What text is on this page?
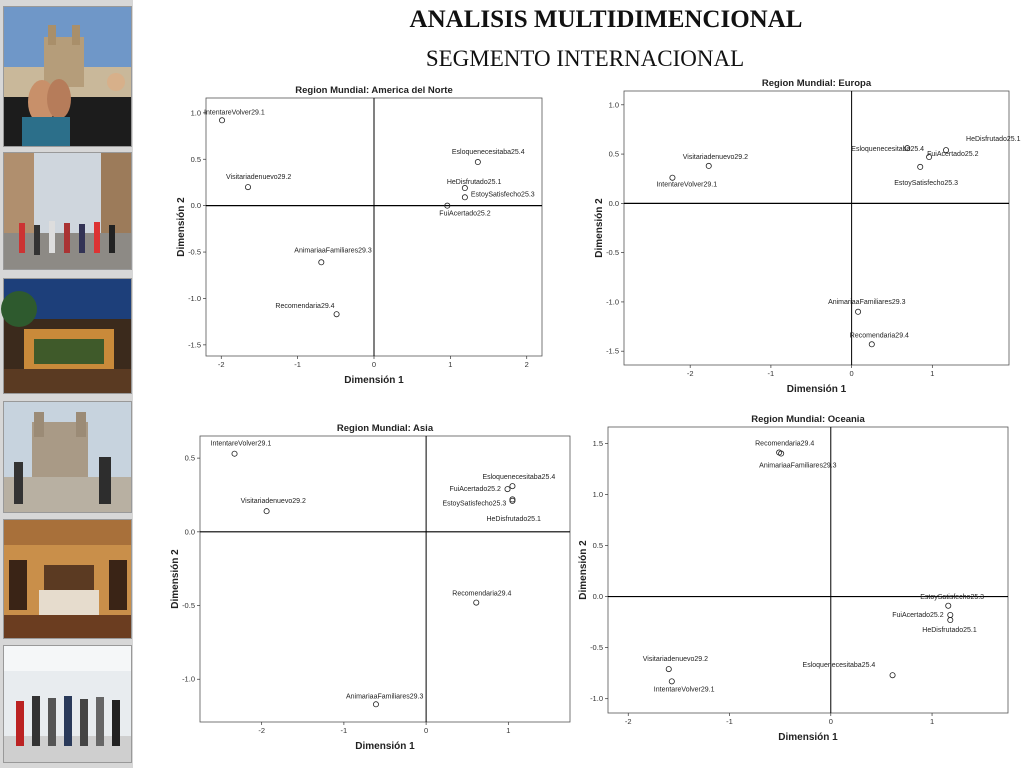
ANALISIS MULTIDIMENCIONAL
SEGMENTO INTERNACIONAL
Region Mundial: America del Norte
-2	-1	0	1	2
-1.5
-1.0
-0.5
0.0
0.5
1.0
Dimensión 1
Dimensión 2
IntentareVolver29.1
Visitariadenuevo29.2
AnimariaaFamiliares29.3
Recomendaria29.4
Esloquenecesitaba25.4
HeDisfrutado25.1
EstoySatisfecho25.3
FuiAcertado25.2
Region Mundial: Europa
-2	-1	0	1
-1.5
-1.0
-0.5
0.0
0.5
1.0
Dimensión 1
Dimensión 2
HeDisfrutado25.1
Esloquenecesitaba25.4
FuiAcertado25.2
EstoySatisfecho25.3
Visitariadenuevo29.2
IntentareVolver29.1
AnimariaaFamiliares29.3
Recomendaria29.4
Region Mundial: Asia
-2	-1	0	1
-1.0
-0.5
0.0
0.5
Dimensión 1
Dimensión 2
IntentareVolver29.1
Visitariadenuevo29.2
Esloquenecesitaba25.4
FuiAcertado25.2
EstoySatisfecho25.3
HeDisfrutado25.1
Recomendaria29.4
AnimariaaFamiliares29.3
Region Mundial: Oceania
-2	-1	0	1
-1.0
-0.5
0.0
0.5
1.0
1.5
Dimensión 1
Dimensión 2
Recomendaria29.4
AnimariaaFamiliares29.3
EstoySatisfecho25.3
FuiAcertado25.2
HeDisfrutado25.1
Esloquenecesitaba25.4
Visitariadenuevo29.2
IntentareVolver29.1
